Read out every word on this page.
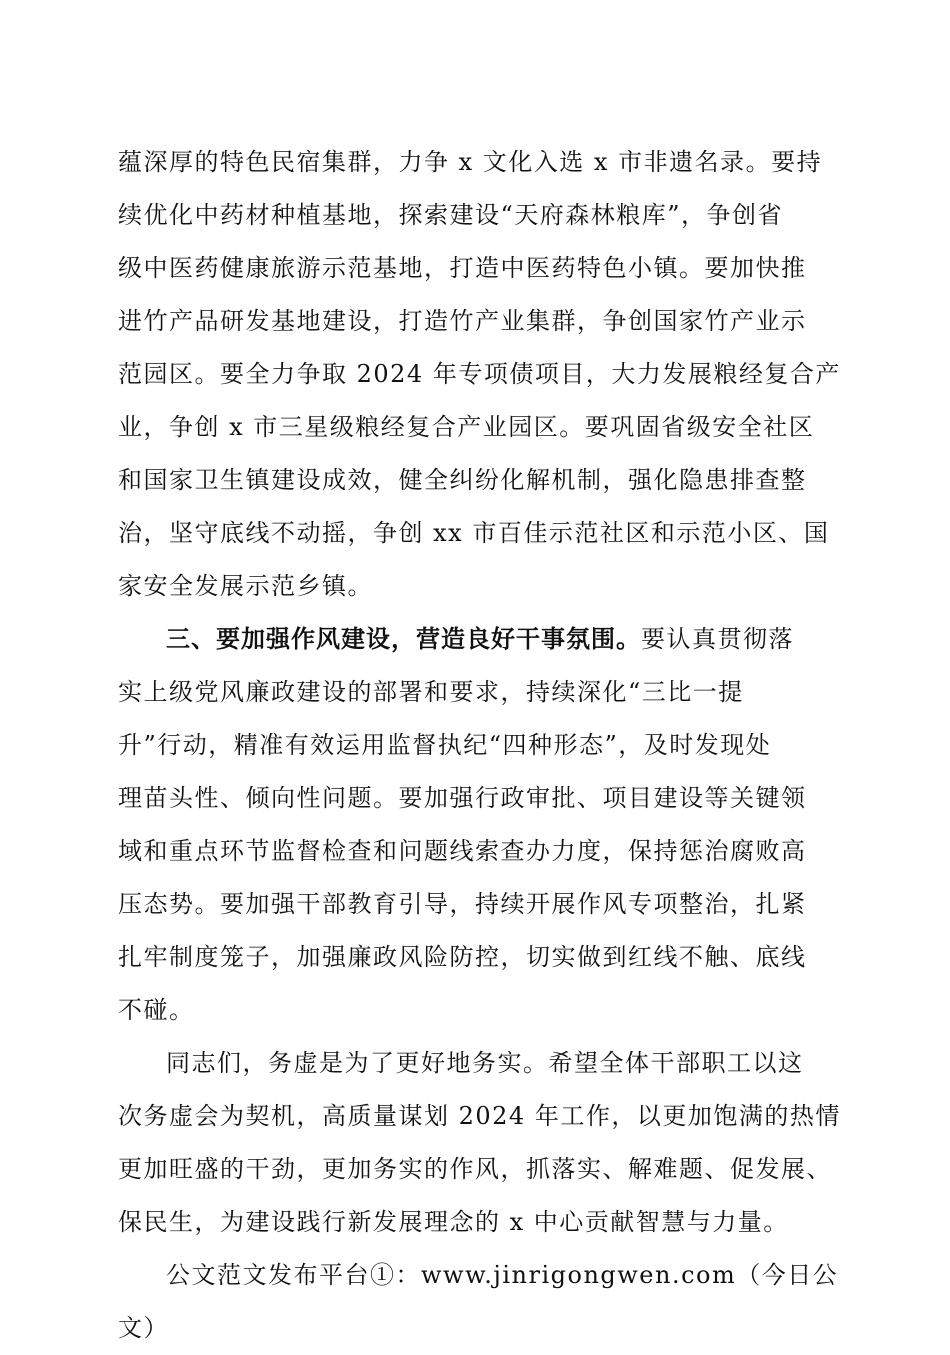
蕴深厚的特色民宿集群，力争 x 文化入选 x 市非遗名录。要持
续优化中药材种植基地，探索建设“天府森林粮库”，争创省
级中医药健康旅游示范基地，打造中医药特色小镇。要加快推
进竹产品研发基地建设，打造竹产业集群，争创国家竹产业示
范园区。要全力争取 2024 年专项债项目，大力发展粮经复合产
业，争创 x 市三星级粮经复合产业园区。要巩固省级安全社区
和国家卫生镇建设成效，健全纠纷化解机制，强化隐患排查整
治，坚守底线不动摇，争创 xx 市百佳示范社区和示范小区、国
家安全发展示范乡镇。
三、要加强作风建设，营造良好干事氛围。要认真贯彻落
实上级党风廉政建设的部署和要求，持续深化“三比一提
升”行动，精准有效运用监督执纪“四种形态”，及时发现处
理苗头性、倾向性问题。要加强行政审批、项目建设等关键领
域和重点环节监督检查和问题线索查办力度，保持惩治腐败高
压态势。要加强干部教育引导，持续开展作风专项整治，扎紧
扎牢制度笼子，加强廉政风险防控，切实做到红线不触、底线
不碰。
同志们，务虚是为了更好地务实。希望全体干部职工以这
次务虚会为契机，高质量谋划 2024 年工作，以更加饱满的热情
更加旺盛的干劲，更加务实的作风，抓落实、解难题、促发展、
保民生，为建设践行新发展理念的 x 中心贡献智慧与力量。
公文范文发布平台①：www.jinrigongwen.com（今日公
文）
